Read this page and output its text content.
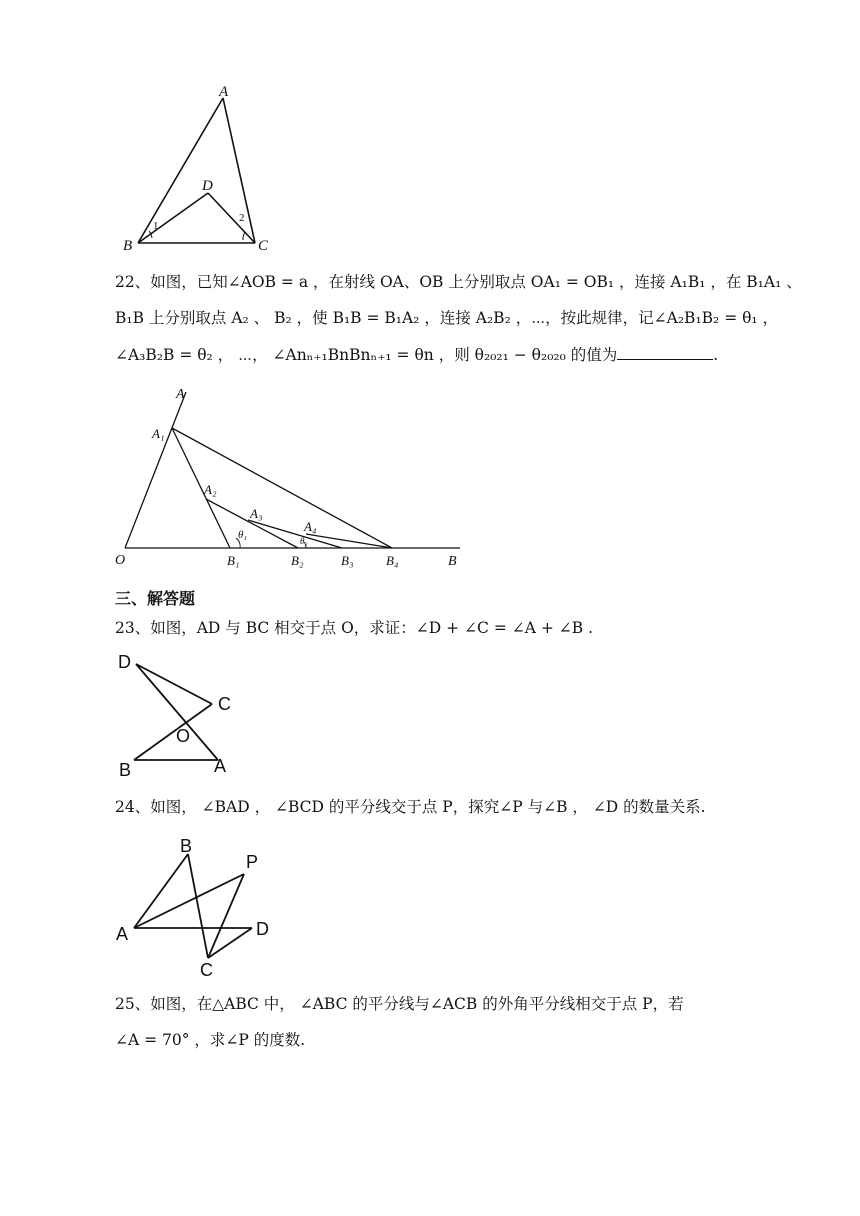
A
D
B	C
1
2
22、如图，已知∠AOB = a ，在射线 OA、OB 上分别取点 OA₁ = OB₁ ，连接 A₁B₁ ，在 B₁A₁ 、
B₁B 上分别取点 A₂ 、 B₂ ，使 B₁B = B₁A₂ ，连接 A₂B₂ ，⋯，按此规律，记∠A₂B₁B₂ = θ₁ ，
∠A₃B₂B = θ₂ ， ⋯， ∠Anₙ₊₁BnBnₙ₊₁ = θn ，则 θ₂₀₂₁ − θ₂₀₂₀ 的值为	.
A
A₁
A₂
A₃
A₄
θ₁	θ₂
O	B₁	B₂	B₃	B₄	B
三、解答题
23、如图，AD 与 BC 相交于点 O，求证：∠D + ∠C = ∠A + ∠B .
D
C
O
B	A
24、如图， ∠BAD ， ∠BCD 的平分线交于点 P，探究∠P 与∠B ， ∠D 的数量关系.
B
P
A	D
C
25、如图，在△ABC 中， ∠ABC 的平分线与∠ACB 的外角平分线相交于点 P，若
∠A = 70° ，求∠P 的度数.
